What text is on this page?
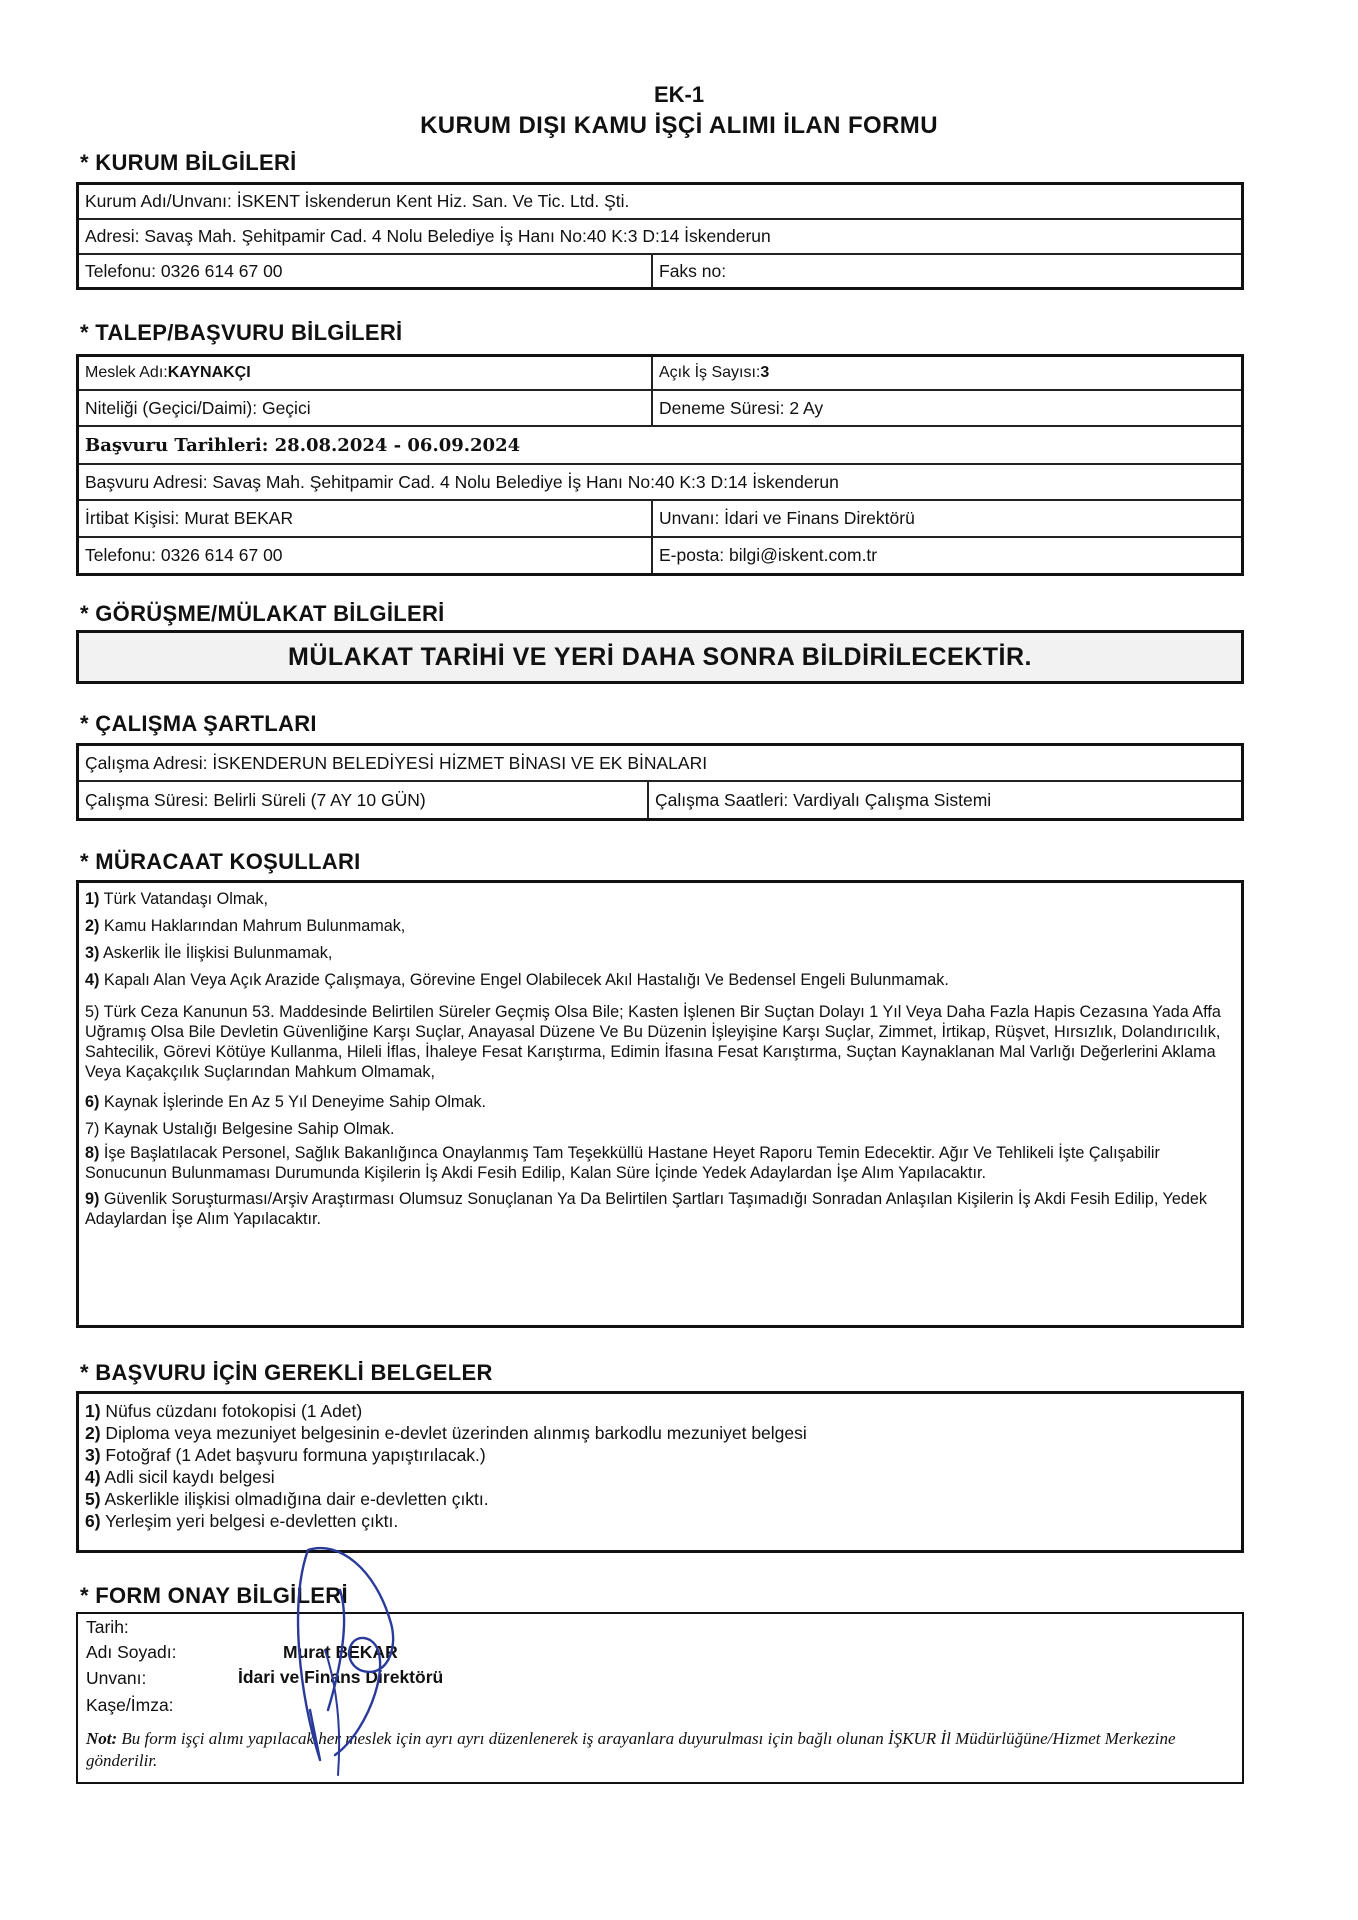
EK-1
KURUM DIŞI KAMU İŞÇİ ALIMI İLAN FORMU
* KURUM BİLGİLERİ
Kurum Adı/Unvanı: İSKENT İskenderun Kent Hiz. San. Ve Tic. Ltd. Şti.
Adresi: Savaş Mah. Şehitpamir Cad. 4 Nolu Belediye İş Hanı No:40 K:3 D:14 İskenderun
Telefonu: 0326 614 67 00	Faks no:
* TALEP/BAŞVURU BİLGİLERİ
Meslek Adı: KAYNAKÇI	Açık İş Sayısı: 3
Niteliği (Geçici/Daimi): Geçici	Deneme Süresi: 2 Ay
Başvuru Tarihleri: 28.08.2024 - 06.09.2024
Başvuru Adresi: Savaş Mah. Şehitpamir Cad. 4 Nolu Belediye İş Hanı No:40 K:3 D:14 İskenderun
İrtibat Kişisi: Murat BEKAR	Unvanı: İdari ve Finans Direktörü
Telefonu: 0326 614 67 00	E-posta: bilgi@iskent.com.tr
* GÖRÜŞME/MÜLAKAT BİLGİLERİ
MÜLAKAT TARİHİ VE YERİ DAHA SONRA BİLDİRİLECEKTİR.
* ÇALIŞMA ŞARTLARI
Çalışma Adresi: İSKENDERUN BELEDİYESİ HİZMET BİNASI VE EK BİNALARI
Çalışma Süresi: Belirli Süreli (7 AY 10 GÜN)	Çalışma Saatleri: Vardiyalı Çalışma Sistemi
* MÜRACAAT KOŞULLARI

1) Türk Vatandaşı Olmak,

2) Kamu Haklarından Mahrum Bulunmamak,

3) Askerlik İle İlişkisi Bulunmamak,

4) Kapalı Alan Veya Açık Arazide Çalışmaya, Görevine Engel Olabilecek Akıl Hastalığı Ve Bedensel Engeli Bulunmamak.

5) Türk Ceza Kanunun 53. Maddesinde Belirtilen Süreler Geçmiş Olsa Bile; Kasten İşlenen Bir Suçtan Dolayı 1 Yıl Veya Daha Fazla Hapis Cezasına Yada Affa Uğramış Olsa Bile Devletin Güvenliğine Karşı Suçlar, Anayasal Düzene Ve Bu Düzenin İşleyişine Karşı Suçlar, Zimmet, İrtikap, Rüşvet, Hırsızlık, Dolandırıcılık, Sahtecilik, Görevi Kötüye Kullanma, Hileli İflas, İhaleye Fesat Karıştırma, Edimin İfasına Fesat Karıştırma, Suçtan Kaynaklanan Mal Varlığı Değerlerini Aklama Veya Kaçakçılık Suçlarından Mahkum Olmamak,

6) Kaynak İşlerinde En Az 5 Yıl Deneyime Sahip Olmak.

7) Kaynak Ustalığı Belgesine Sahip Olmak.

8) İşe Başlatılacak Personel, Sağlık Bakanlığınca Onaylanmış Tam Teşekküllü Hastane Heyet Raporu Temin Edecektir. Ağır Ve Tehlikeli İşte Çalışabilir Sonucunun Bulunmaması Durumunda Kişilerin İş Akdi Fesih Edilip, Kalan Süre İçinde Yedek Adaylardan İşe Alım Yapılacaktır.

9) Güvenlik Soruşturması/Arşiv Araştırması Olumsuz Sonuçlanan Ya Da Belirtilen Şartları Taşımadığı Sonradan Anlaşılan Kişilerin İş Akdi Fesih Edilip, Yedek Adaylardan İşe Alım Yapılacaktır.

* BAŞVURU İÇİN GEREKLİ BELGELER

1) Nüfus cüzdanı fotokopisi (1 Adet)

2) Diploma veya mezuniyet belgesinin e-devlet üzerinden alınmış barkodlu mezuniyet belgesi

3) Fotoğraf (1 Adet başvuru formuna yapıştırılacak.)

4) Adli sicil kaydı belgesi

5) Askerlikle ilişkisi olmadığına dair e-devletten çıktı.

6) Yerleşim yeri belgesi e-devletten çıktı.

* FORM ONAY BİLGİLERİ
Tarih:
Adı Soyadı:	Murat BEKAR
Unvanı:	İdari ve Finans Direktörü
Kaşe/İmza:
Not: Bu form işçi alımı yapılacak her meslek için ayrı ayrı düzenlenerek iş arayanlara duyurulması için bağlı olunan İŞKUR İl Müdürlüğüne/Hizmet Merkezine gönderilir.
